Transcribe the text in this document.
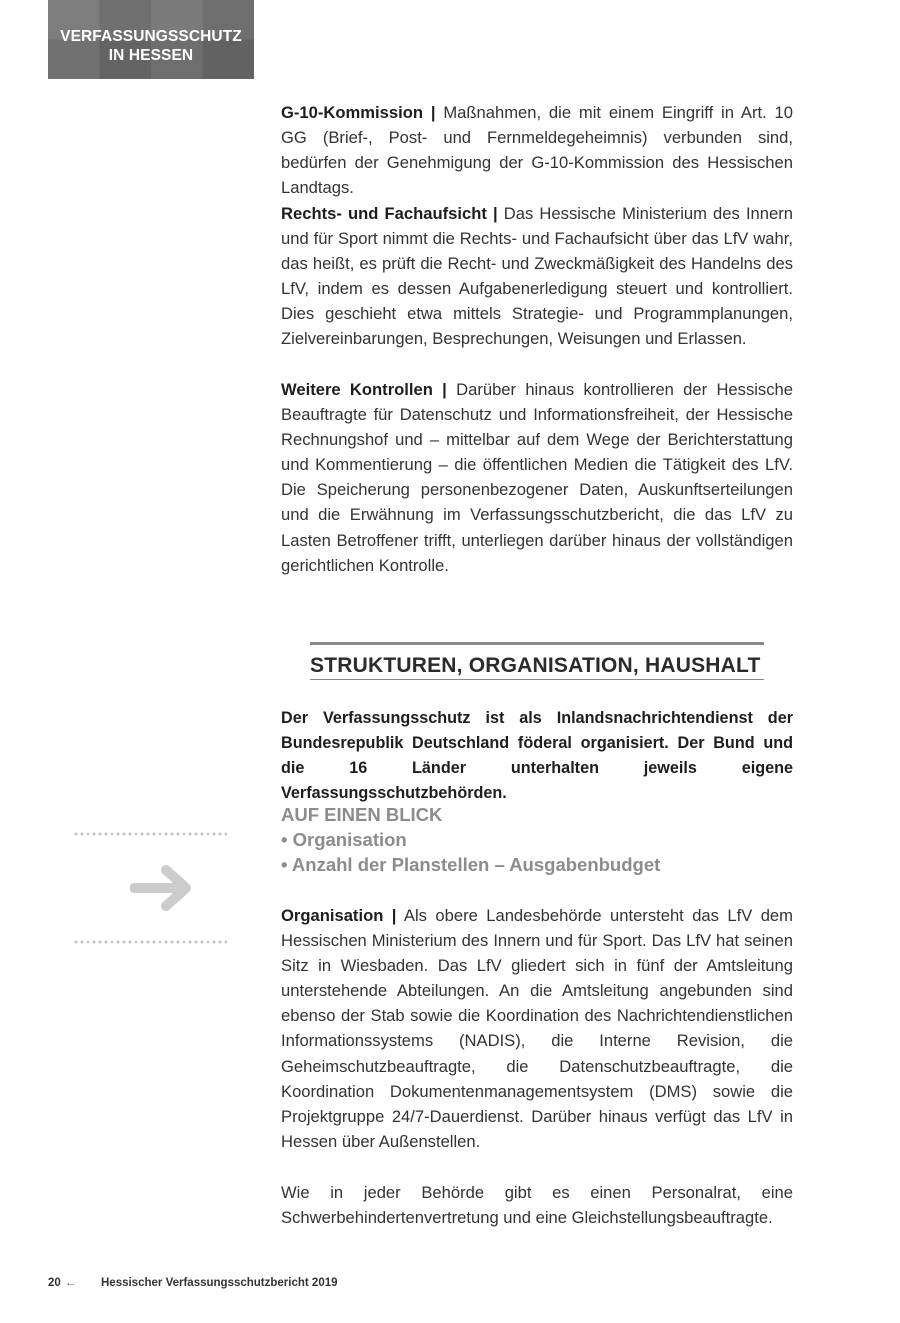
VERFASSUNGSSCHUTZ
IN HESSEN

G-10-Kommission | Maßnahmen, die mit einem Eingriff in Art. 10 GG (Brief-, Post- und Fernmeldegeheimnis) verbunden sind, bedürfen der Genehmigung der G-10-Kommission des Hessischen Landtags.

Rechts- und Fachaufsicht | Das Hessische Ministerium des Innern und für Sport nimmt die Rechts- und Fachaufsicht über das LfV wahr, das heißt, es prüft die Recht- und Zweckmäßigkeit des Handelns des LfV, indem es dessen Aufgabenerledigung steuert und kontrolliert. Dies geschieht etwa mittels Strategie- und Programmplanungen, Zielvereinbarungen, Besprechungen, Weisungen und Erlassen.

Weitere Kontrollen | Darüber hinaus kontrollieren der Hessische Beauftragte für Datenschutz und Informationsfreiheit, der Hessische Rechnungshof und – mittelbar auf dem Wege der Berichterstattung und Kommentierung – die öffentlichen Medien die Tätigkeit des LfV. Die Speicherung personenbezogener Daten, Auskunftserteilungen und die Erwähnung im Verfassungsschutzbericht, die das LfV zu Lasten Betroffener trifft, unterliegen darüber hinaus der vollständigen gerichtlichen Kontrolle.

STRUKTUREN, ORGANISATION, HAUSHALT
Der Verfassungsschutz ist als Inlandsnachrichtendienst der Bundesrepublik Deutschland föderal organisiert. Der Bund und die 16 Länder unterhalten jeweils eigene Verfassungsschutzbehörden.
AUF EINEN BLICK
• Organisation
• Anzahl der Planstellen – Ausgabenbudget

Organisation | Als obere Landesbehörde untersteht das LfV dem Hessischen Ministerium des Innern und für Sport. Das LfV hat seinen Sitz in Wiesbaden. Das LfV gliedert sich in fünf der Amtsleitung unterstehende Abteilungen. An die Amtsleitung angebunden sind ebenso der Stab sowie die Koordination des Nachrichtendienstlichen Informationssystems (NADIS), die Interne Revision, die Geheimschutzbeauftragte, die Datenschutzbeauftragte, die Koordination Dokumentenmanagementsystem (DMS) sowie die Projektgruppe 24/7-Dauerdienst. Darüber hinaus verfügt das LfV in Hessen über Außenstellen.

Wie in jeder Behörde gibt es einen Personalrat, eine Schwerbehindertenvertretung und eine Gleichstellungsbeauftragte.

20 ← Hessischer Verfassungsschutzbericht 2019
